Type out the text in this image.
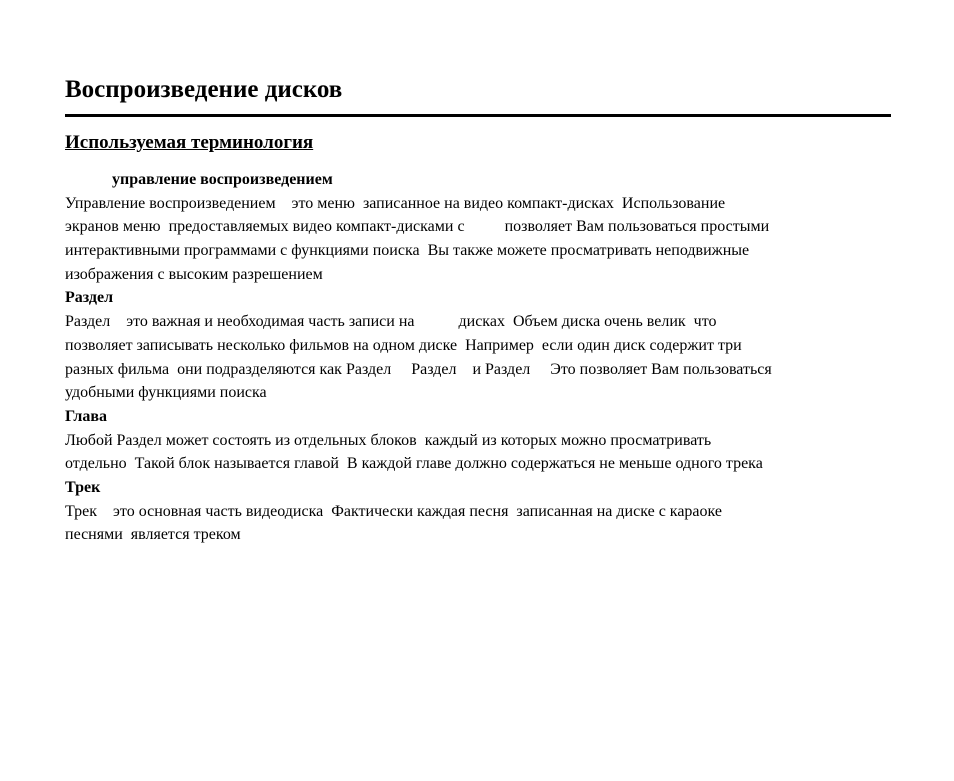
Воспроизведение дисков
Используемая терминология
управление воспроизведением
Управление воспроизведением    это меню  записанное на видео компакт-дисках  Использование
экранов меню  предоставляемых видео компакт-дисками с          позволяет Вам пользоваться простыми
интерактивными программами с функциями поиска  Вы также можете просматривать неподвижные
изображения с высоким разрешением
Раздел
Раздел    это важная и необходимая часть записи на           дисках  Объем диска очень велик  что
позволяет записывать несколько фильмов на одном диске  Например  если один диск содержит три
разных фильма  они подразделяются как Раздел     Раздел    и Раздел     Это позволяет Вам пользоваться
удобными функциями поиска
Глава
Любой Раздел может состоять из отдельных блоков  каждый из которых можно просматривать
отдельно  Такой блок называется главой  В каждой главе должно содержаться не меньше одного трека
Трек
Трек    это основная часть видеодиска  Фактически каждая песня  записанная на диске с караоке
песнями  является треком
